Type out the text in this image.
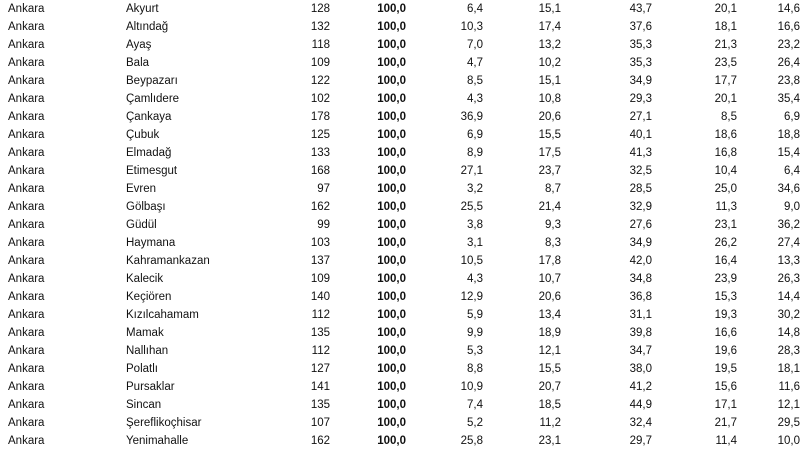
Ankara	Akyurt	128	100,0	6,4	15,1	43,7	20,1	14,6
Ankara	Altındağ	132	100,0	10,3	17,4	37,6	18,1	16,6
Ankara	Ayaş	118	100,0	7,0	13,2	35,3	21,3	23,2
Ankara	Bala	109	100,0	4,7	10,2	35,3	23,5	26,4
Ankara	Beypazarı	122	100,0	8,5	15,1	34,9	17,7	23,8
Ankara	Çamlıdere	102	100,0	4,3	10,8	29,3	20,1	35,4
Ankara	Çankaya	178	100,0	36,9	20,6	27,1	8,5	6,9
Ankara	Çubuk	125	100,0	6,9	15,5	40,1	18,6	18,8
Ankara	Elmadağ	133	100,0	8,9	17,5	41,3	16,8	15,4
Ankara	Etimesgut	168	100,0	27,1	23,7	32,5	10,4	6,4
Ankara	Evren	97	100,0	3,2	8,7	28,5	25,0	34,6
Ankara	Gölbaşı	162	100,0	25,5	21,4	32,9	11,3	9,0
Ankara	Güdül	99	100,0	3,8	9,3	27,6	23,1	36,2
Ankara	Haymana	103	100,0	3,1	8,3	34,9	26,2	27,4
Ankara	Kahramankazan	137	100,0	10,5	17,8	42,0	16,4	13,3
Ankara	Kalecik	109	100,0	4,3	10,7	34,8	23,9	26,3
Ankara	Keçiören	140	100,0	12,9	20,6	36,8	15,3	14,4
Ankara	Kızılcahamam	112	100,0	5,9	13,4	31,1	19,3	30,2
Ankara	Mamak	135	100,0	9,9	18,9	39,8	16,6	14,8
Ankara	Nallıhan	112	100,0	5,3	12,1	34,7	19,6	28,3
Ankara	Polatlı	127	100,0	8,8	15,5	38,0	19,5	18,1
Ankara	Pursaklar	141	100,0	10,9	20,7	41,2	15,6	11,6
Ankara	Sincan	135	100,0	7,4	18,5	44,9	17,1	12,1
Ankara	Şereflikoçhisar	107	100,0	5,2	11,2	32,4	21,7	29,5
Ankara	Yenimahalle	162	100,0	25,8	23,1	29,7	11,4	10,0
